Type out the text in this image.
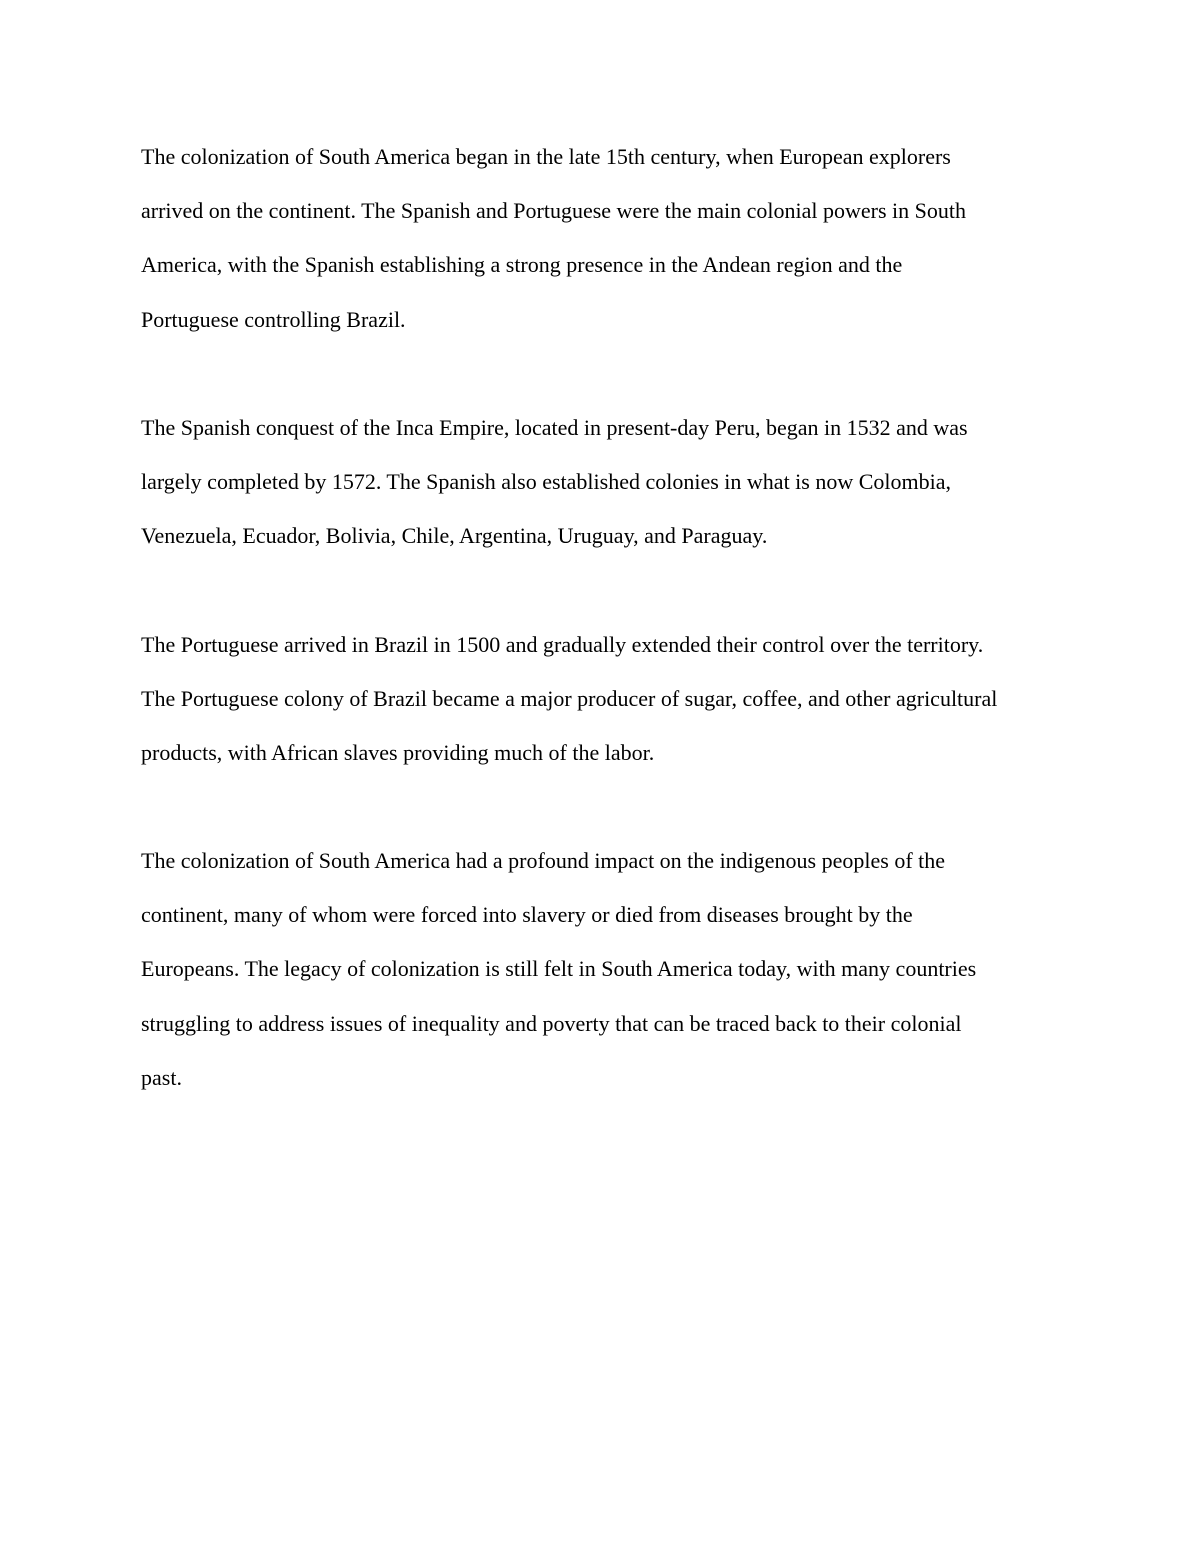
The colonization of South America began in the late 15th century, when European explorers
arrived on the continent. The Spanish and Portuguese were the main colonial powers in South
America, with the Spanish establishing a strong presence in the Andean region and the
Portuguese controlling Brazil.
The Spanish conquest of the Inca Empire, located in present-day Peru, began in 1532 and was
largely completed by 1572. The Spanish also established colonies in what is now Colombia,
Venezuela, Ecuador, Bolivia, Chile, Argentina, Uruguay, and Paraguay.
The Portuguese arrived in Brazil in 1500 and gradually extended their control over the territory.
The Portuguese colony of Brazil became a major producer of sugar, coffee, and other agricultural
products, with African slaves providing much of the labor.
The colonization of South America had a profound impact on the indigenous peoples of the
continent, many of whom were forced into slavery or died from diseases brought by the
Europeans. The legacy of colonization is still felt in South America today, with many countries
struggling to address issues of inequality and poverty that can be traced back to their colonial
past.
